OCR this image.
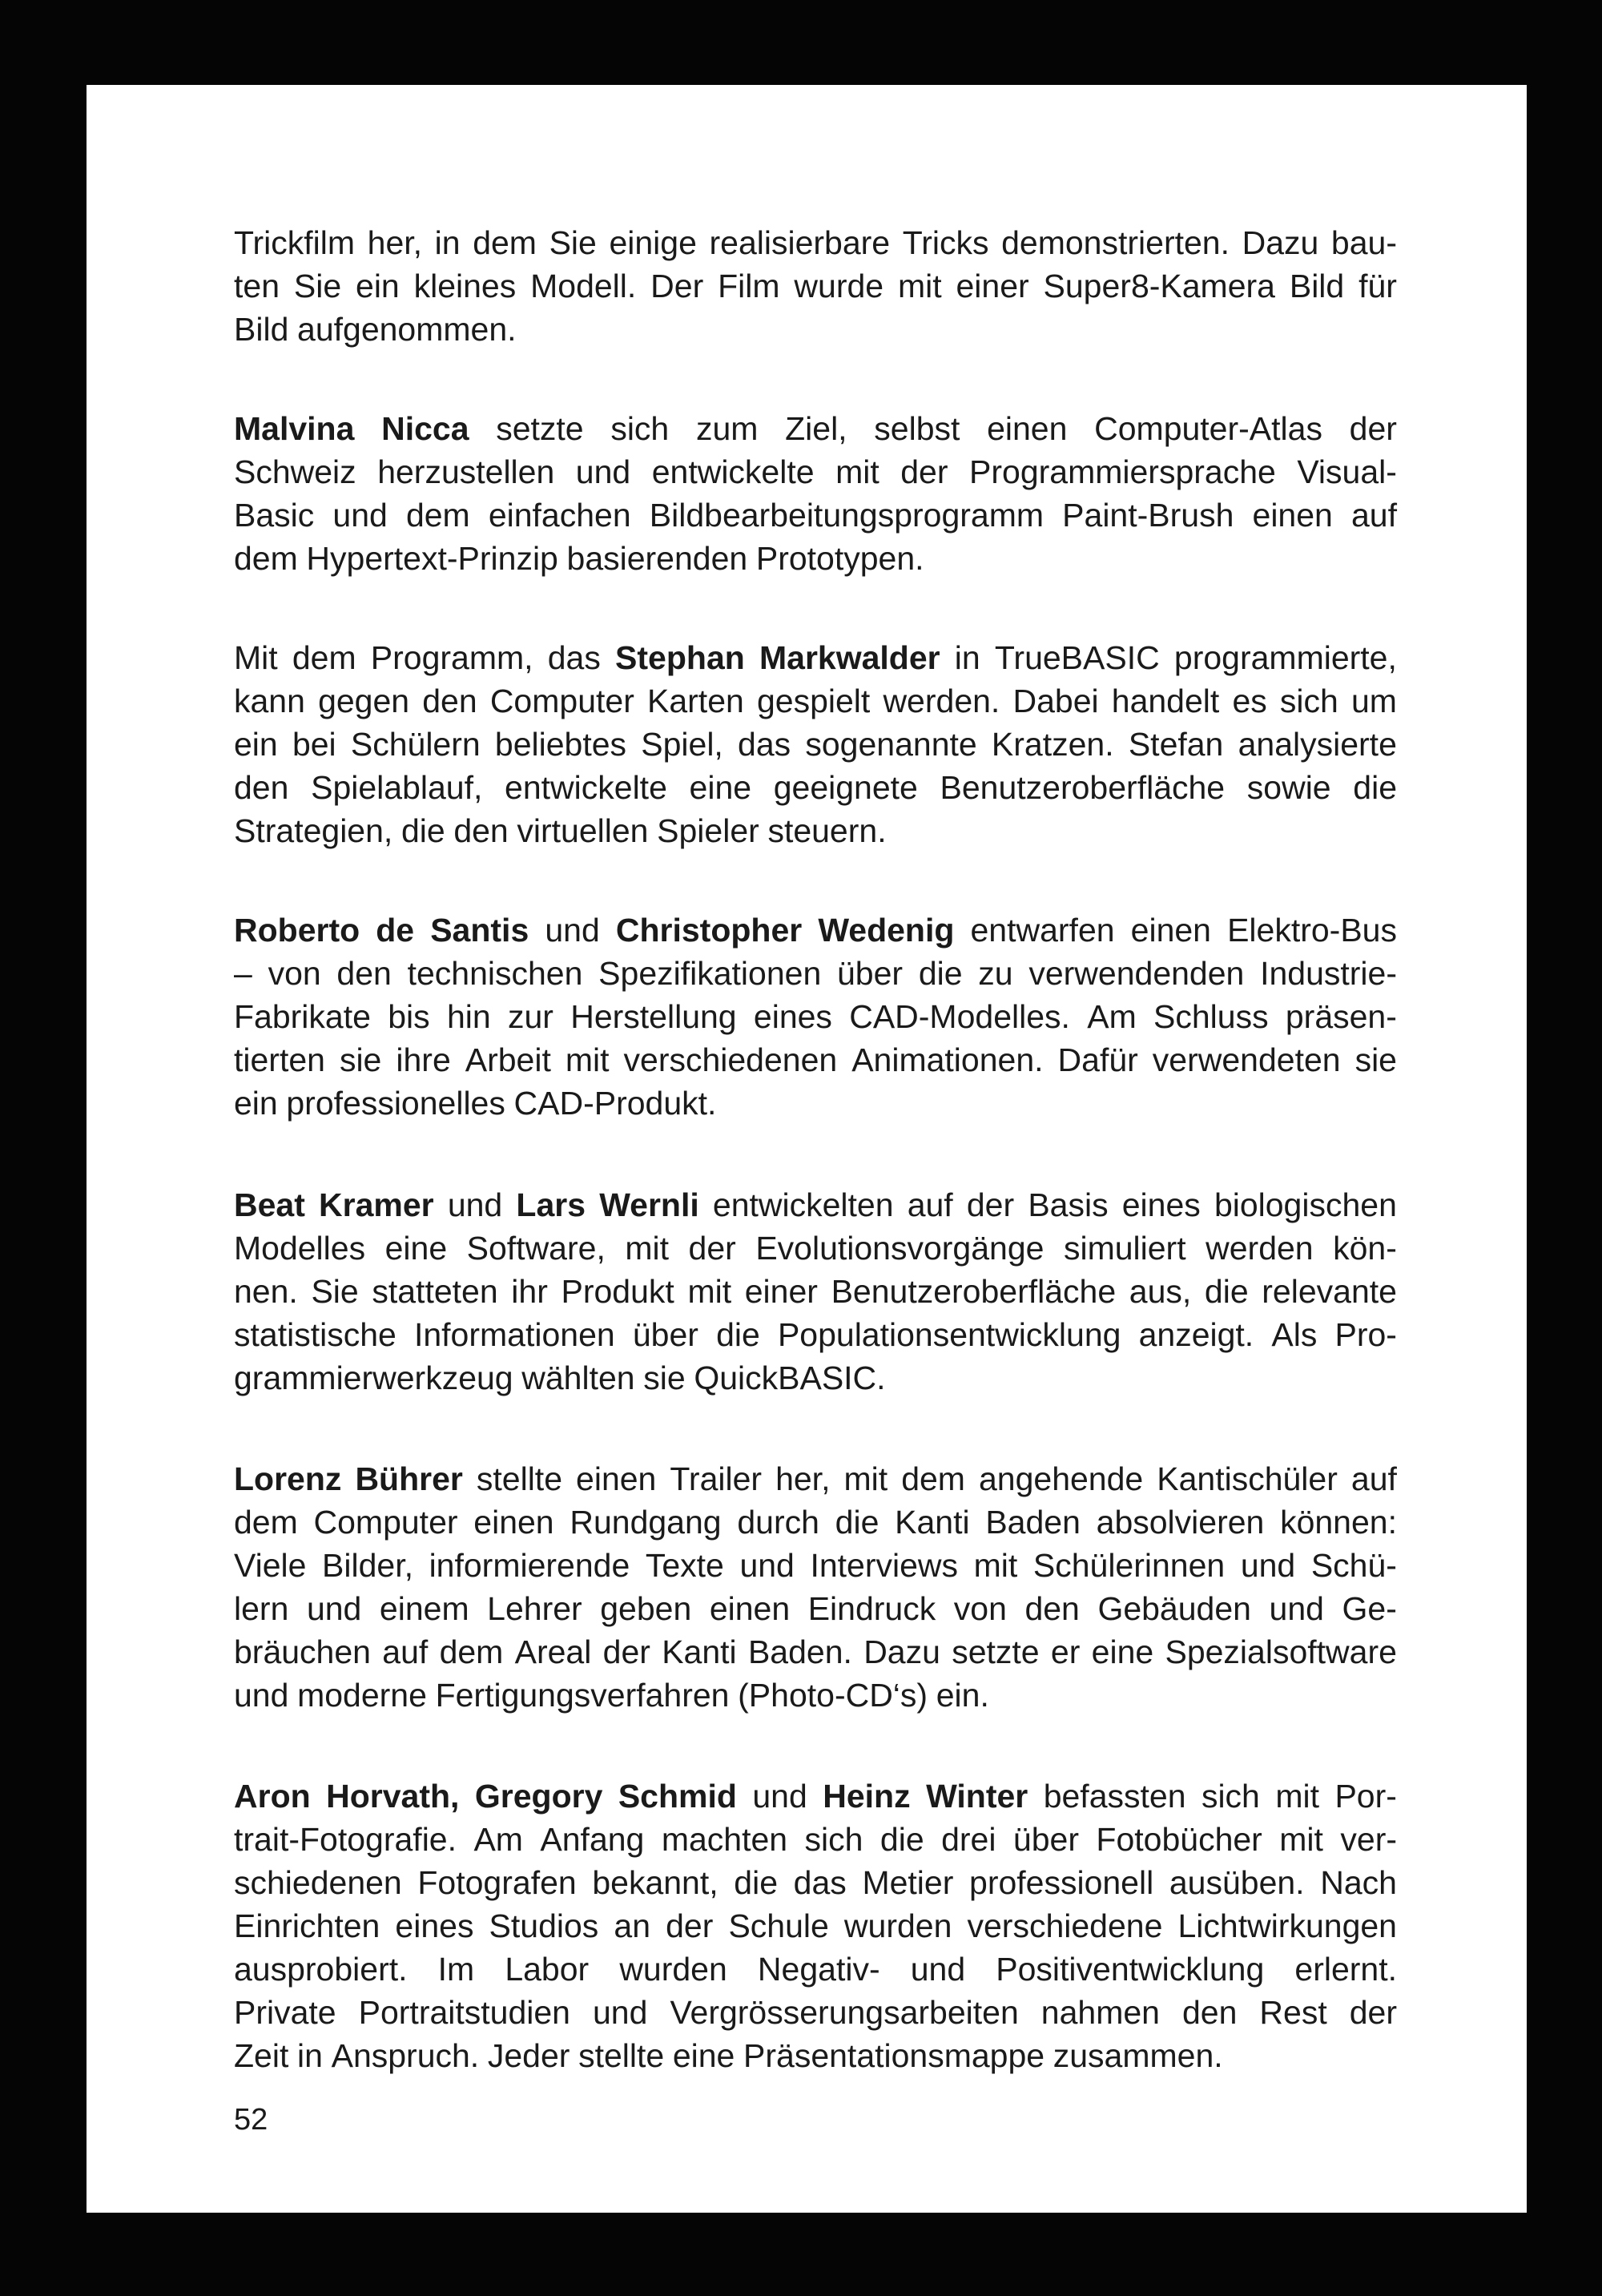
Trickfilm her, in dem Sie einige realisierbare Tricks demonstrierten. Dazu bau-
ten Sie ein kleines Modell. Der Film wurde mit einer Super8-Kamera Bild für
Bild aufgenommen.
Malvina Nicca setzte sich zum Ziel, selbst einen Computer-Atlas der
Schweiz herzustellen und entwickelte mit der Programmiersprache Visual-
Basic und dem einfachen Bildbearbeitungsprogramm Paint-Brush einen auf
dem Hypertext-Prinzip basierenden Prototypen.
Mit dem Programm, das Stephan Markwalder in TrueBASIC programmierte,
kann gegen den Computer Karten gespielt werden. Dabei handelt es sich um
ein bei Schülern beliebtes Spiel, das sogenannte Kratzen. Stefan analysierte
den Spielablauf, entwickelte eine geeignete Benutzeroberfläche sowie die
Strategien, die den virtuellen Spieler steuern.
Roberto de Santis und Christopher Wedenig entwarfen einen Elektro-Bus
– von den technischen Spezifikationen über die zu verwendenden Industrie-
Fabrikate bis hin zur Herstellung eines CAD-Modelles. Am Schluss präsen-
tierten sie ihre Arbeit mit verschiedenen Animationen. Dafür verwendeten sie
ein professionelles CAD-Produkt.
Beat Kramer und Lars Wernli entwickelten auf der Basis eines biologischen
Modelles eine Software, mit der Evolutionsvorgänge simuliert werden kön-
nen. Sie statteten ihr Produkt mit einer Benutzeroberfläche aus, die relevante
statistische Informationen über die Populationsentwicklung anzeigt. Als Pro-
grammierwerkzeug wählten sie QuickBASIC.
Lorenz Bührer stellte einen Trailer her, mit dem angehende Kantischüler auf
dem Computer einen Rundgang durch die Kanti Baden absolvieren können:
Viele Bilder, informierende Texte und Interviews mit Schülerinnen und Schü-
lern und einem Lehrer geben einen Eindruck von den Gebäuden und Ge-
bräuchen auf dem Areal der Kanti Baden. Dazu setzte er eine Spezialsoftware
und moderne Fertigungsverfahren (Photo-CD‘s) ein.
Aron Horvath, Gregory Schmid und Heinz Winter befassten sich mit Por-
trait-Fotografie. Am Anfang machten sich die drei über Fotobücher mit ver-
schiedenen Fotografen bekannt, die das Metier professionell ausüben. Nach
Einrichten eines Studios an der Schule wurden verschiedene Lichtwirkungen
ausprobiert. Im Labor wurden Negativ- und Positiventwicklung erlernt.
Private Portraitstudien und Vergrösserungsarbeiten nahmen den Rest der
Zeit in Anspruch. Jeder stellte eine Präsentationsmappe zusammen.
52
